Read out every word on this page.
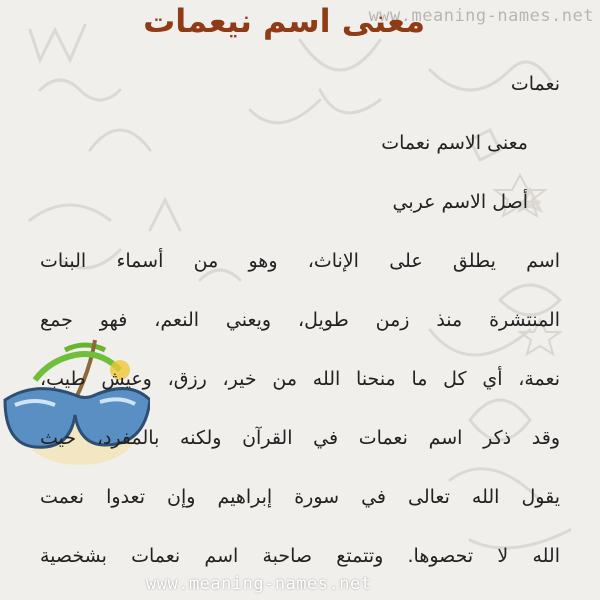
www.meaning-names.net
معنى اسم نيعمات
نعمات
معنى الاسم نعمات
أصل الاسم عربي
اسم يطلق على الإناث، وهو من أسماء البنات
المنتشرة منذ زمن طويل، ويعني النعم، فهو جمع
نعمة، أي كل ما منحنا الله من خير، رزق، وعيش طيب،
وقد ذكر اسم نعمات في القرآن ولكنه بالمفرد، حيث
يقول الله تعالى في سورة إبراهيم وإن تعدوا نعمت
الله لا تحصوها. وتتمتع صاحبة اسم نعمات بشخصية
www.meaning-names.net
